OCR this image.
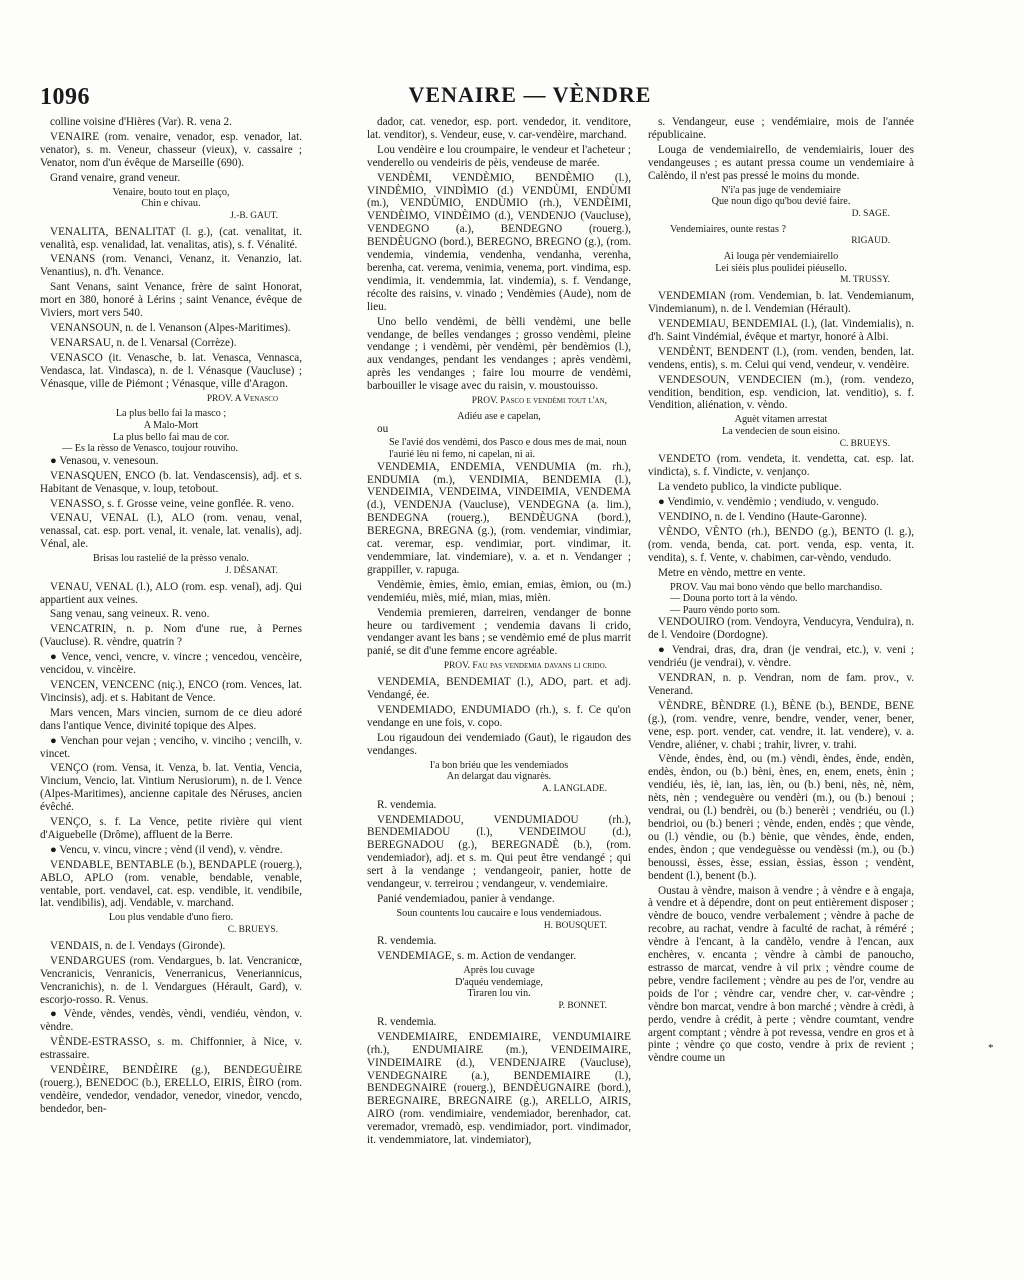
1096	VENAIRE — VÈNDRE

colline voisine d'Hières (Var). R. vena 2.

VENAIRE (rom. venaire, venador, esp. venador, lat. venator), s. m. Veneur, chasseur (vieux), v. cassaire ; Venator, nom d'un évêque de Marseille (690).

Grand venaire, grand veneur.

Venaire, bouto tout en plaço,

Chin e chivau.

J.-B. GAUT.

VENALITA, BENALITAT (l. g.), (cat. venalitat, it. venalità, esp. venalidad, lat. venalitas, atis), s. f. Vénalité.

VENANS (rom. Venanci, Venanz, it. Venanzio, lat. Venantius), n. d'h. Venance.

Sant Venans, saint Venance, frère de saint Honorat, mort en 380, honoré à Lérins ; saint Venance, évêque de Viviers, mort vers 540.

VENANSOUN, n. de l. Venanson (Alpes-Maritimes).

VENARSAU, n. de l. Venarsal (Corrèze).

VENASCO (it. Venasche, b. lat. Venasca, Vennasca, Vendasca, lat. Vindasca), n. de l. Vénasque (Vaucluse) ; Vénasque, ville de Piémont ; Vénasque, ville d'Aragon.

PROV. A Venasco

La plus bello fai la masco ;

A Malo-Mort

La plus bello fai mau de cor.

— Es la rèsso de Venasco, toujour rouviho.

● Venasou, v. venesoun.

VENASQUEN, ENCO (b. lat. Vendascensis), adj. et s. Habitant de Venasque, v. loup, tetobout.

VENASSO, s. f. Grosse veine, veine gonflée. R. veno.

VENAU, VENAL (l.), ALO (rom. venau, venal, venassal, cat. esp. port. venal, it. venale, lat. venalis), adj. Vénal, ale.

Brisas lou rastelié de la prèsso venalo.

J. DÉSANAT.

VENAU, VENAL (l.), ALO (rom. esp. venal), adj. Qui appartient aux veines.

Sang venau, sang veineux. R. veno.

VENCATRIN, n. p. Nom d'une rue, à Pernes (Vaucluse). R. vèndre, quatrin ?

● Vence, venci, vencre, v. vincre ; vencedou, vencèire, vencidou, v. vincèire.

VENCEN, VENCENC (niç.), ENCO (rom. Vences, lat. Vincinsis), adj. et s. Habitant de Vence.

Mars vencen, Mars vincien, surnom de ce dieu adoré dans l'antique Vence, divinité topique des Alpes.

● Venchan pour vejan ; venciho, v. vinciho ; vencilh, v. vincet.

VENÇO (rom. Vensa, it. Venza, b. lat. Ventia, Vencia, Vincium, Vencio, lat. Vintium Nerusiorum), n. de l. Vence (Alpes-Maritimes), ancienne capitale des Néruses, ancien évêché.

VENÇO, s. f. La Vence, petite rivière qui vient d'Aiguebelle (Drôme), affluent de la Berre.

● Vencu, v. vincu, vincre ; vènd (il vend), v. vèndre.

VENDABLE, BENTABLE (b.), BENDAPLE (rouerg.), ABLO, APLO (rom. venable, bendable, venable, ventable, port. vendavel, cat. esp. vendible, it. vendibile, lat. vendibilis), adj. Vendable, v. marchand.

Lou plus vendable d'uno fiero.

C. BRUEYS.

VENDAIS, n. de l. Vendays (Gironde).

VENDARGUES (rom. Vendargues, b. lat. Vencranicœ, Vencranicis, Venranicis, Venerranicus, Veneriannicus, Vencranichis), n. de l. Vendargues (Hérault, Gard), v. escorjo-rosso. R. Venus.

● Vènde, vèndes, vendès, vèndi, vendiéu, vèndon, v. vèndre.

VÈNDE-ESTRASSO, s. m. Chiffonnier, à Nice, v. estrassaire.

VENDÈIRE, BENDÈIRE (g.), BENDEGUÈIRE (rouerg.), BENEDOC (b.), ERELLO, EIRIS, ÈIRO (rom. vendèire, vendedor, vendador, venedor, vinedor, vencdo, bendedor, ben-

dador, cat. venedor, esp. port. vendedor, it. venditore, lat. venditor), s. Vendeur, euse, v. car-vendèire, marchand.

Lou vendèire e lou croumpaire, le vendeur et l'acheteur ; venderello ou vendeiris de pèis, vendeuse de marée.

VENDÈMI, VENDÈMIO, BENDÈMIO (l.), VINDÈMIO, VINDÌMIO (d.) VENDÙMI, ENDÙMI (m.), VENDÙMIO, ENDÙMIO (rh.), VENDÈIMI, VENDÈIMO, VINDÈIMO (d.), VENDENJO (Vaucluse), VENDEGNO (a.), BENDEGNO (rouerg.), BENDÈUGNO (bord.), BEREGNO, BREGNO (g.), (rom. vendemia, vindemia, vendenha, vendanha, verenha, berenha, cat. verema, venimia, venema, port. vindima, esp. vendimia, it. vendemmia, lat. vindemia), s. f. Vendange, récolte des raisins, v. vinado ; Vendèmies (Aude), nom de lieu.

Uno bello vendèmi, de bèlli vendèmi, une belle vendange, de belles vendanges ; grosso vendèmi, pleine vendange ; i vendèmi, pèr vendèmi, pèr bendèmios (l.), aux vendanges, pendant les vendanges ; après vendèmi, après les vendanges ; faire lou mourre de vendèmi, barbouiller le visage avec du raisin, v. moustouisso.

PROV. Pasco e vendèmi tout l'an,

Adiéu ase e capelan,

ou

Se l'avié dos vendèmi, dos Pasco e dous mes de mai, noun l'aurié lèu ni femo, ni capelan, ni ai.

VENDEMIA, ENDEMIA, VENDUMIA (m. rh.), ENDUMIA (m.), VENDIMIA, BENDEMIA (l.), VENDEIMIA, VENDEIMA, VINDEIMIA, VENDEMA (d.), VENDENJA (Vaucluse), VENDEGNA (a. lim.), BENDEGNA (rouerg.), BENDÈUGNA (bord.), BEREGNA, BREGNA (g.), (rom. vendemiar, vindimiar, cat. veremar, esp. vendimiar, port. vindimar, it. vendemmiare, lat. vindemiare), v. a. et n. Vendanger ; grappiller, v. rapuga.

Vendèmie, èmies, èmio, emian, emias, èmion, ou (m.) vendemiéu, miès, mié, mian, mias, mièn.

Vendemia premieren, darreiren, vendanger de bonne heure ou tardivement ; vendemia davans li crido, vendanger avant les bans ; se vendèmio emé de plus marrit panié, se dit d'une femme encore agréable.

PROV. Fau pas vendemia davans li crido.

VENDEMIA, BENDEMIAT (l.), ADO, part. et adj. Vendangé, ée.

VENDEMIADO, ENDUMIADO (rh.), s. f. Ce qu'on vendange en une fois, v. copo.

Lou rigaudoun dei vendemiado (Gaut), le rigaudon des vendanges.

I'a bon briéu que les vendemiados

An delargat dau vignarès.

A. LANGLADE.

R. vendemia.

VENDEMIADOU, VENDUMIADOU (rh.), BENDEMIADOU (l.), VENDEIMOU (d.), BEREGNADOU (g.), BEREGNADÈ (b.), (rom. vendemiador), adj. et s. m. Qui peut être vendangé ; qui sert à la vendange ; vendangeoir, panier, hotte de vendangeur, v. terreirou ; vendangeur, v. vendemiaire.

Panié vendemiadou, panier à vendange.

Soun countents lou caucaire e lous vendemiadous.

H. BOUSQUET.

R. vendemia.

VENDEMIAGE, s. m. Action de vendanger.

Après lou cuvage

D'aquéu vendemiage,

Tiraren lou vin.

P. BONNET.

R. vendemia.

VENDEMIAIRE, ENDEMIAIRE, VENDUMIAIRE (rh.), ENDUMIAIRE (m.), VENDEIMAIRE, VINDEIMAIRE (d.), VENDENJAIRE (Vaucluse), VENDEGNAIRE (a.), BENDEMIAIRE (l.), BENDEGNAIRE (rouerg.), BENDÈUGNAIRE (bord.), BEREGNAIRE, BREGNAIRE (g.), ARELLO, AIRIS, AIRO (rom. vendimiaire, vendemiador, berenhador, cat. veremador, vremadò, esp. vendimiador, port. vindimador, it. vendemmiatore, lat. vindemiator),

s. Vendangeur, euse ; vendémiaire, mois de l'année républicaine.

Louga de vendemiairello, de vendemiairis, louer des vendangeuses ; es autant pressa coume un vendemiaire à Calèndo, il n'est pas pressé le moins du monde.

N'i'a pas juge de vendemiaire

Que noun digo qu'bou devié faire.

D. SAGE.

Vendemiaires, ounte restas ?

RIGAUD.

Ai louga pèr vendemiairello

Lei sièis plus poulidei piéusello.

M. TRUSSY.

VENDEMIAN (rom. Vendemian, b. lat. Vendemianum, Vindemianum), n. de l. Vendemian (Hérault).

VENDEMIAU, BENDEMIAL (l.), (lat. Vindemialis), n. d'h. Saint Vindémial, évêque et martyr, honoré à Albi.

VENDÈNT, BENDENT (l.), (rom. venden, benden, lat. vendens, entis), s. m. Celui qui vend, vendeur, v. vendèire.

VENDESOUN, VENDECIEN (m.), (rom. vendezo, vendition, bendition, esp. vendicion, lat. venditio), s. f. Vendition, aliénation, v. vèndo.

Aguèt vitamen arrestat

La vendecien de soun eisino.

C. BRUEYS.

VENDETO (rom. vendeta, it. vendetta, cat. esp. lat. vindicta), s. f. Vindicte, v. venjanço.

La vendeto publico, la vindicte publique.

● Vendimio, v. vendèmio ; vendiudo, v. vengudo.

VENDINO, n. de l. Vendino (Haute-Garonne).

VÈNDO, VÈNTO (rh.), BENDO (g.), BENTO (l. g.), (rom. venda, benda, cat. port. venda, esp. venta, it. vendita), s. f. Vente, v. chabimen, car-vèndo, vendudo.

Metre en vèndo, mettre en vente.

PROV. Vau mai bono vèndo que bello marchandiso.

— Douna porto tort à la vèndo.

— Pauro vèndo porto som.

VENDOUIRO (rom. Vendoyra, Venducyra, Venduira), n. de l. Vendoire (Dordogne).

● Vendrai, dras, dra, dran (je vendrai, etc.), v. veni ; vendriéu (je vendrai), v. vèndre.

VENDRAN, n. p. Vendran, nom de fam. prov., v. Venerand.

VÈNDRE, BÈNDRE (l.), BÈNE (b.), BENDE, BENE (g.), (rom. vendre, venre, bendre, vender, vener, bener, vene, esp. port. vender, cat. vendre, it. lat. vendere), v. a. Vendre, aliéner, v. chabi ; trahir, livrer, v. trahi.

Vènde, èndes, ènd, ou (m.) vèndi, èndes, ènde, endèn, endès, èndon, ou (b.) bèni, ènes, en, enem, enets, ènin ; vendiéu, iès, iè, ian, ias, ièn, ou (b.) beni, nès, nè, nèm, nèts, nèn ; vendeguère ou vendèri (m.), ou (b.) benoui ; vendrai, ou (l.) bendrèi, ou (b.) benerèi ; vendriéu, ou (l.) bendrioi, ou (b.) beneri ; vènde, enden, endès ; que vènde, ou (l.) vèndie, ou (b.) bènie, que vèndes, ènde, enden, endes, èndon ; que vendeguèsse ou vendèssi (m.), ou (b.) benoussi, èsses, èsse, essian, èssias, èsson ; vendènt, bendent (l.), benent (b.).

Oustau à vèndre, maison à vendre ; à vèndre e à engaja, à vendre et à dépendre, dont on peut entièrement disposer ; vèndre de bouco, vendre verbalement ; vèndre à pache de recobre, au rachat, vendre à faculté de rachat, à réméré ; vèndre à l'encant, à la candèlo, vendre à l'encan, aux enchères, v. encanta ; vèndre à càmbi de panoucho, estrasso de marcat, vendre à vil prix ; vèndre coume de pebre, vendre facilement ; vèndre au pes de l'or, vendre au poids de l'or ; vèndre car, vendre cher, v. car-vèndre ; vèndre bon marcat, vendre à bon marché ; vèndre à crèdi, à perdo, vendre à crédit, à perte ; vèndre coumtant, vendre argent comptant ; vèndre à pot revessa, vendre en gros et à pinte ; vèndre ço que costo, vendre à prix de revient ; vèndre coume un

*
